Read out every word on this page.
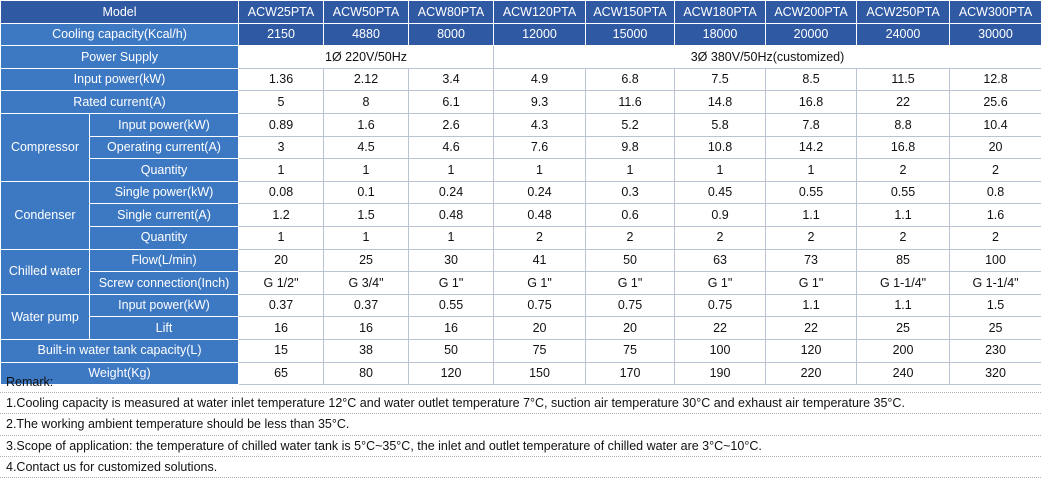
Model		ACW25PTA	ACW50PTA	ACW80PTA	ACW120PTA	ACW150PTA	ACW180PTA	ACW200PTA	ACW250PTA	ACW300PTA
Cooling capacity(Kcal/h)		2150	4880	8000	12000	15000	18000	20000	24000	30000
Power Supply		1Ø 220V/50Hz			3Ø 380V/50Hz(customized)					
Input power(kW)		1.36	2.12	3.4	4.9	6.8	7.5	8.5	11.5	12.8
Rated current(A)		5	8	6.1	9.3	11.6	14.8	16.8	22	25.6
Compressor	Input power(kW)	0.89	1.6	2.6	4.3	5.2	5.8	7.8	8.8	10.4
	Operating current(A)	3	4.5	4.6	7.6	9.8	10.8	14.2	16.8	20
	Quantity	1	1	1	1	1	1	1	2	2
Condenser	Single power(kW)	0.08	0.1	0.24	0.24	0.3	0.45	0.55	0.55	0.8
	Single current(A)	1.2	1.5	0.48	0.48	0.6	0.9	1.1	1.1	1.6
	Quantity	1	1	1	2	2	2	2	2	2
Chilled water	Flow(L/min)	20	25	30	41	50	63	73	85	100
	Screw connection(Inch)	G 1/2"	G 3/4"	G 1"	G 1"	G 1"	G 1"	G 1"	G 1-1/4"	G 1-1/4"
Water pump	Input power(kW)	0.37	0.37	0.55	0.75	0.75	0.75	1.1	1.1	1.5
	Lift	16	16	16	20	20	22	22	25	25
Built-in water tank capacity(L)		15	38	50	75	75	100	120	200	230
Weight(Kg)		65	80	120	150	170	190	220	240	320
Remark:
1.Cooling capacity is measured at water inlet temperature 12°C and water outlet temperature 7°C, suction air temperature 30°C and exhaust air temperature 35°C.
2.The working ambient temperature should be less than 35°C.
3.Scope of application: the temperature of chilled water tank is 5°C~35°C, the inlet and outlet temperature of chilled water are 3°C~10°C.
4.Contact us for customized solutions.
